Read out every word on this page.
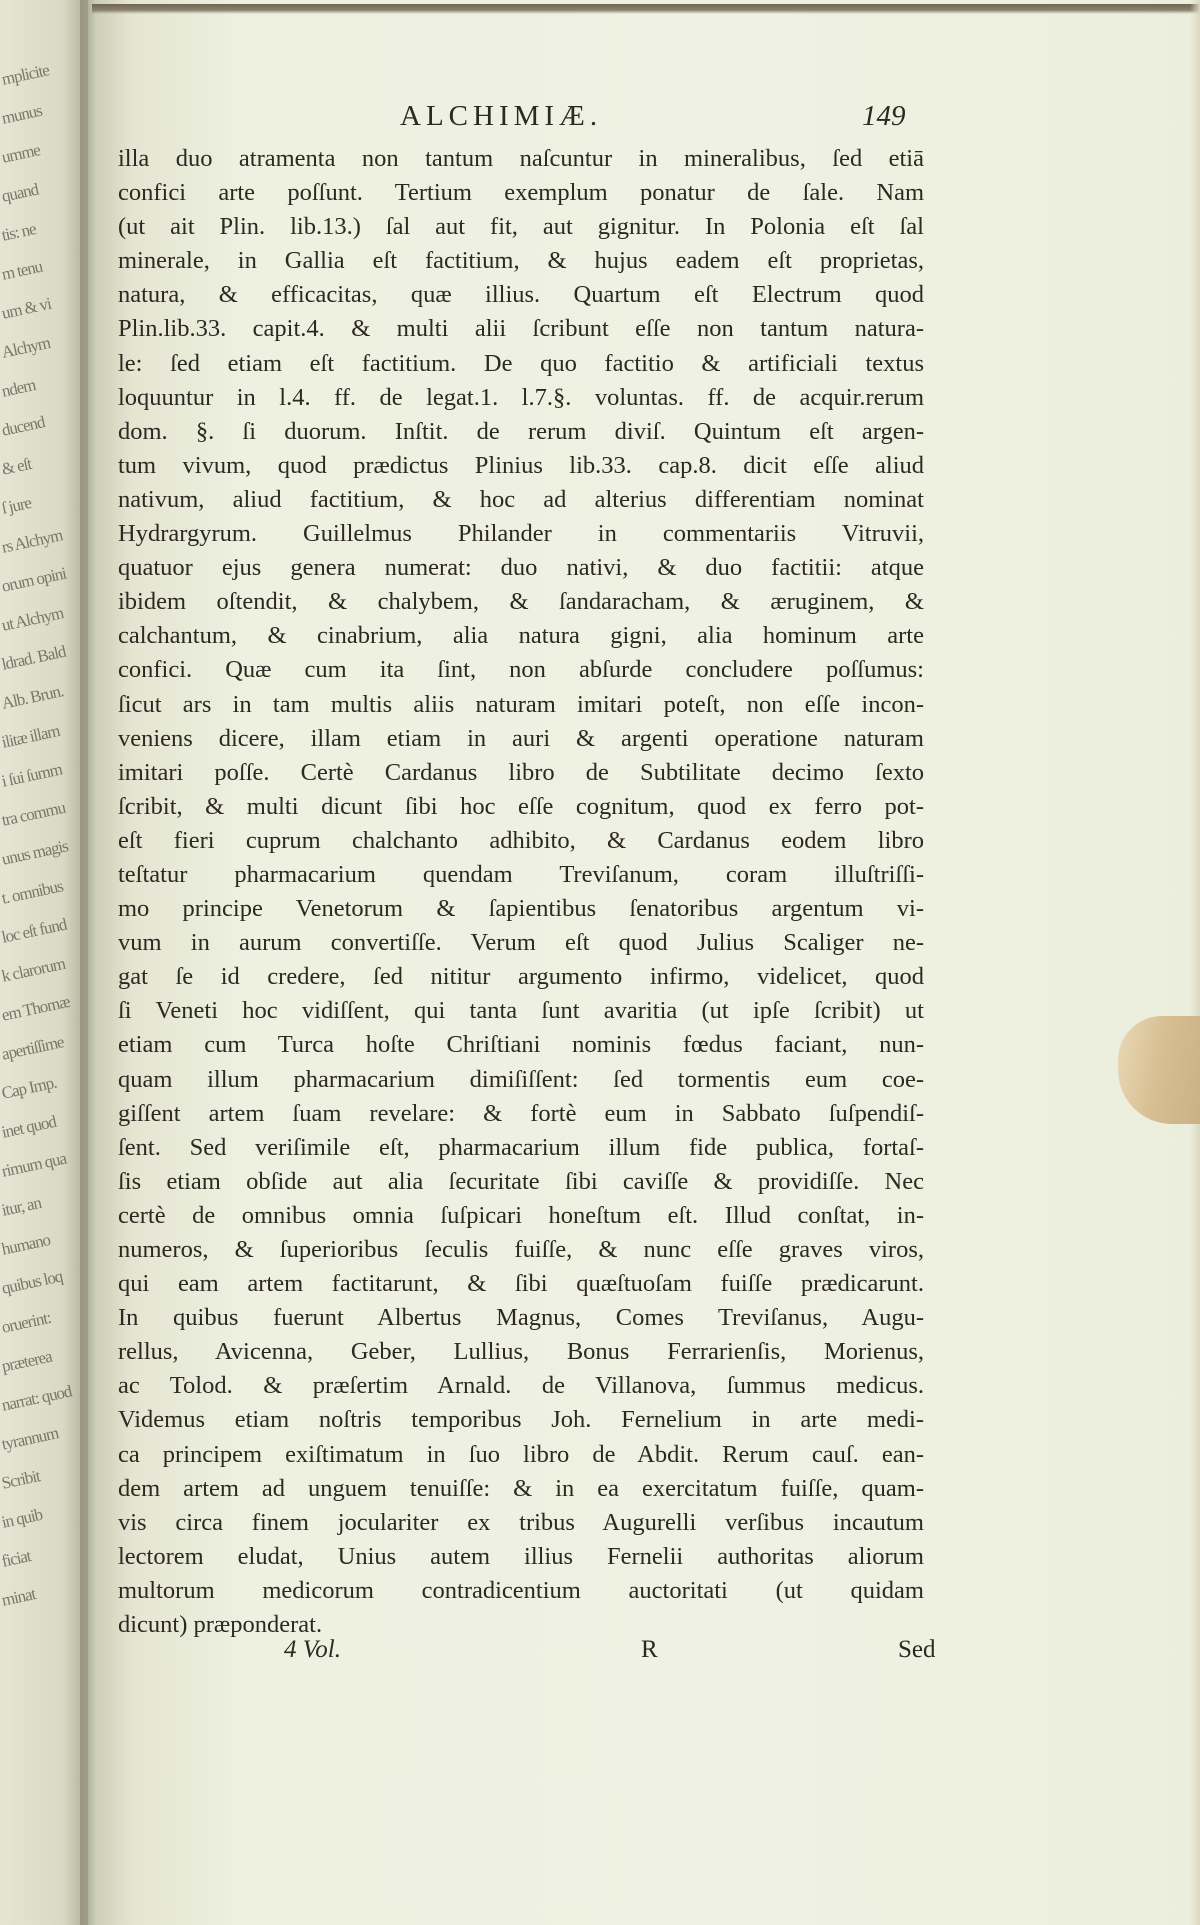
mplicite
munus
umme
quand
tis: ne
m tenu
um & vi
Alchym
ndem
ducend
& eſt
ſ jure
rs Alchym
orum opini
ut Alchym
ldrad. Bald
Alb. Brun.
ilitæ illam
i ſui ſumm
tra commu
unus magis
t. omnibus
loc eſt fund
k clarorum
em Thomæ
apertiſſime
Cap Imp.
inet quod
rimum qua
itur, an
humano
quibus loq
oruerint:
præterea
narrat: quod
tyrannum
Scribit
in quib
ficiat
minat
ALCHIMIÆ.	149
illa duo atramenta non tantum naſcuntur in mineralibus, ſed etiā
confici arte poſſunt. Tertium exemplum ponatur de ſale. Nam
(ut ait Plin. lib.13.) ſal aut fit, aut gignitur. In Polonia eſt ſal
minerale, in Gallia eſt factitium, & hujus eadem eſt proprietas,
natura, & efficacitas, quæ illius. Quartum eſt Electrum quod
Plin.lib.33. capit.4. & multi alii ſcribunt eſſe non tantum natura-
le: ſed etiam eſt factitium. De quo factitio & artificiali textus
loquuntur in l.4. ff. de legat.1. l.7.§. voluntas. ff. de acquir.rerum
dom. §. ſi duorum. Inſtit. de rerum diviſ. Quintum eſt argen-
tum vivum, quod prædictus Plinius lib.33. cap.8. dicit eſſe aliud
nativum, aliud factitium, & hoc ad alterius differentiam nominat
Hydrargyrum. Guillelmus Philander in commentariis Vitruvii,
quatuor ejus genera numerat: duo nativi, & duo factitii: atque
ibidem oſtendit, & chalybem, & ſandaracham, & æruginem, &
calchantum, & cinabrium, alia natura gigni, alia hominum arte
confici. Quæ cum ita ſint, non abſurde concludere poſſumus:
ſicut ars in tam multis aliis naturam imitari poteſt, non eſſe incon-
veniens dicere, illam etiam in auri & argenti operatione naturam
imitari poſſe. Certè Cardanus libro de Subtilitate decimo ſexto
ſcribit, & multi dicunt ſibi hoc eſſe cognitum, quod ex ferro pot-
eſt fieri cuprum chalchanto adhibito, & Cardanus eodem libro
teſtatur pharmacarium quendam Treviſanum, coram illuſtriſſi-
mo principe Venetorum & ſapientibus ſenatoribus argentum vi-
vum in aurum convertiſſe. Verum eſt quod Julius Scaliger ne-
gat ſe id credere, ſed nititur argumento infirmo, videlicet, quod
ſi Veneti hoc vidiſſent, qui tanta ſunt avaritia (ut ipſe ſcribit) ut
etiam cum Turca hoſte Chriſtiani nominis fœdus faciant, nun-
quam illum pharmacarium dimiſiſſent: ſed tormentis eum coe-
giſſent artem ſuam revelare: & fortè eum in Sabbato ſuſpendiſ-
ſent. Sed veriſimile eſt, pharmacarium illum fide publica, fortaſ-
ſis etiam obſide aut alia ſecuritate ſibi caviſſe & providiſſe. Nec
certè de omnibus omnia ſuſpicari honeſtum eſt. Illud conſtat, in-
numeros, & ſuperioribus ſeculis fuiſſe, & nunc eſſe graves viros,
qui eam artem factitarunt, & ſibi quæſtuoſam fuiſſe prædicarunt.
In quibus fuerunt Albertus Magnus, Comes Treviſanus, Augu-
rellus, Avicenna, Geber, Lullius, Bonus Ferrarienſis, Morienus,
ac Tolod. & præſertim Arnald. de Villanova, ſummus medicus.
Videmus etiam noſtris temporibus Joh. Fernelium in arte medi-
ca principem exiſtimatum in ſuo libro de Abdit. Rerum cauſ. ean-
dem artem ad unguem tenuiſſe: & in ea exercitatum fuiſſe, quam-
vis circa finem joculariter ex tribus Augurelli verſibus incautum
lectorem eludat, Unius autem illius Fernelii authoritas aliorum
multorum medicorum contradicentium auctoritati (ut quidam
dicunt) præponderat.
4 Vol.	R	Sed
